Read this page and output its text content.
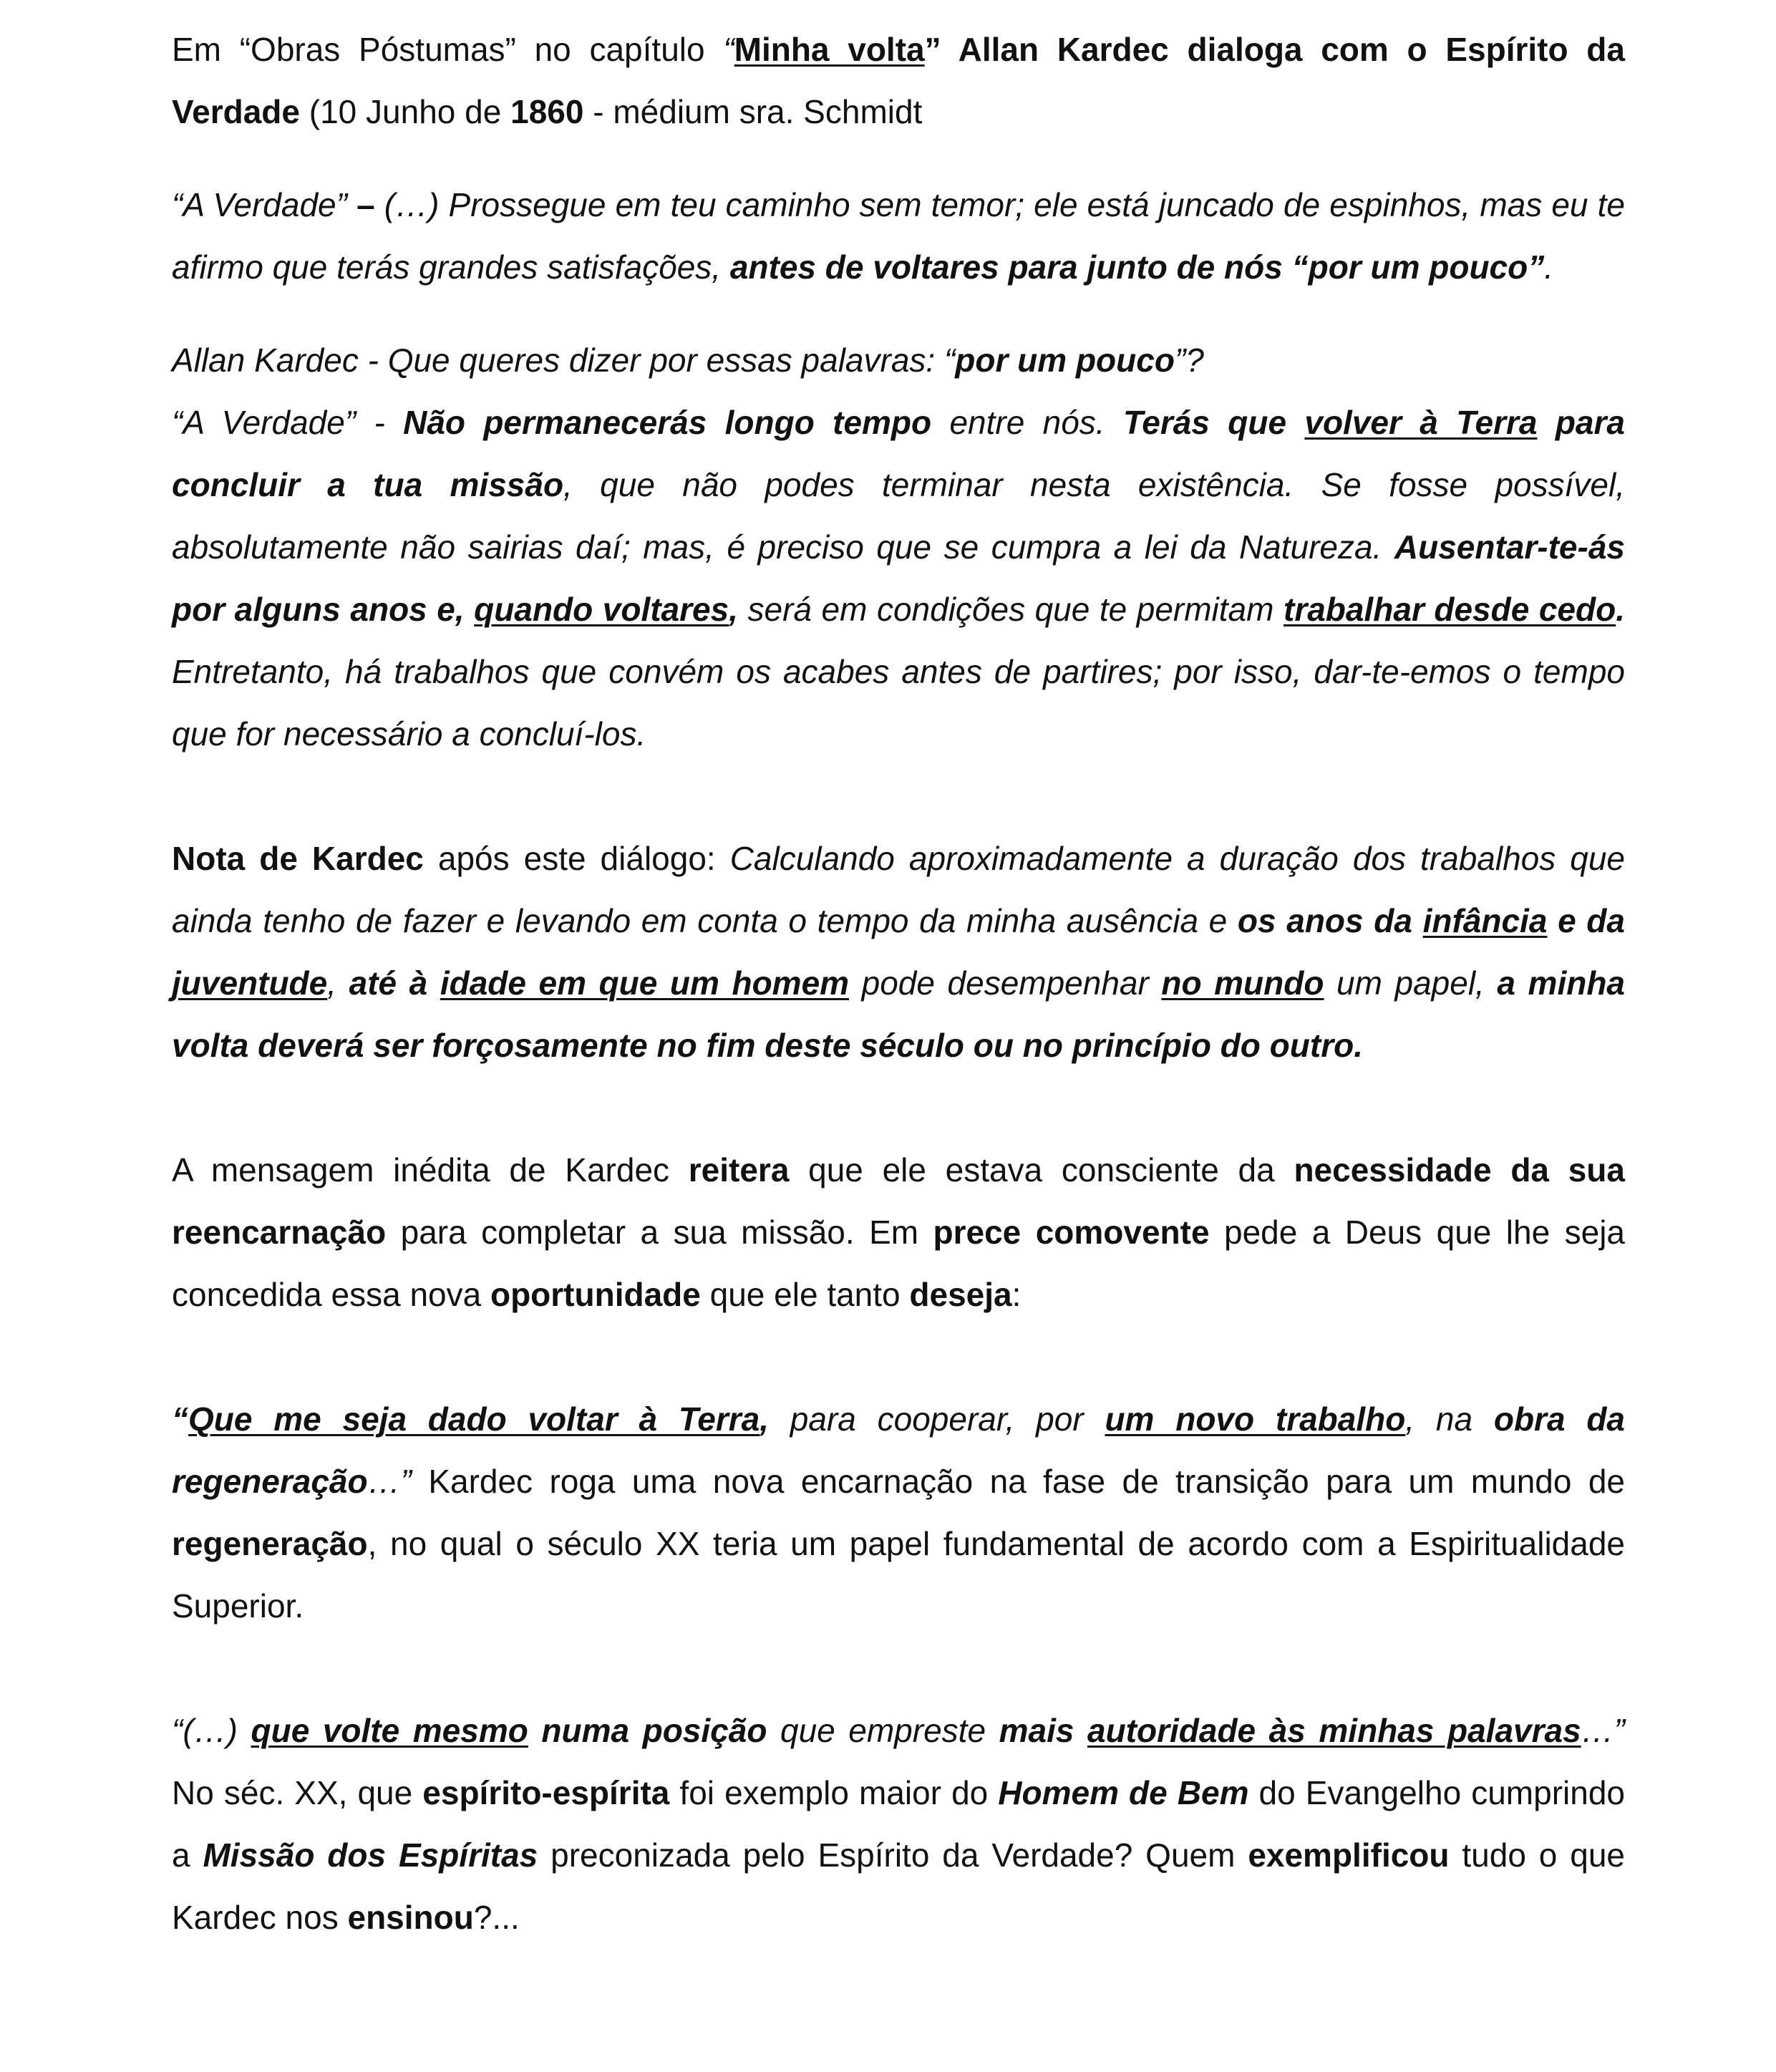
Em “Obras Póstumas” no capítulo “Minha volta” Allan Kardec dialoga com o Espírito da Verdade (10 Junho de 1860 - médium sra. Schmidt

“A Verdade” – (…) Prossegue em teu caminho sem temor; ele está juncado de espinhos, mas eu te afirmo que terás grandes satisfações, antes de voltares para junto de nós “por um pouco”.

Allan Kardec - Que queres dizer por essas palavras: “por um pouco”?

“A Verdade” - Não permanecerás longo tempo entre nós. Terás que volver à Terra para concluir a tua missão, que não podes terminar nesta existência. Se fosse possível, absolutamente não sairias daí; mas, é preciso que se cumpra a lei da Natureza. Ausentar-te-ás por alguns anos e, quando voltares, será em condições que te permitam trabalhar desde cedo. Entretanto, há trabalhos que convém os acabes antes de partires; por isso, dar-te-emos o tempo que for necessário a concluí-los.

Nota de Kardec após este diálogo: Calculando aproximadamente a duração dos trabalhos que ainda tenho de fazer e levando em conta o tempo da minha ausência e os anos da infância e da juventude, até à idade em que um homem pode desempenhar no mundo um papel, a minha volta deverá ser forçosamente no fim deste século ou no princípio do outro.

A mensagem inédita de Kardec reitera que ele estava consciente da necessidade da sua reencarnação para completar a sua missão. Em prece comovente pede a Deus que lhe seja concedida essa nova oportunidade que ele tanto deseja:

“Que me seja dado voltar à Terra, para cooperar, por um novo trabalho, na obra da regeneração…” Kardec roga uma nova encarnação na fase de transição para um mundo de regeneração, no qual o século XX teria um papel fundamental de acordo com a Espiritualidade Superior.

“(…) que volte mesmo numa posição que empreste mais autoridade às minhas palavras…” No séc. XX, que espírito-espírita foi exemplo maior do Homem de Bem do Evangelho cumprindo a Missão dos Espíritas preconizada pelo Espírito da Verdade? Quem exemplificou tudo o que Kardec nos ensinou?...
